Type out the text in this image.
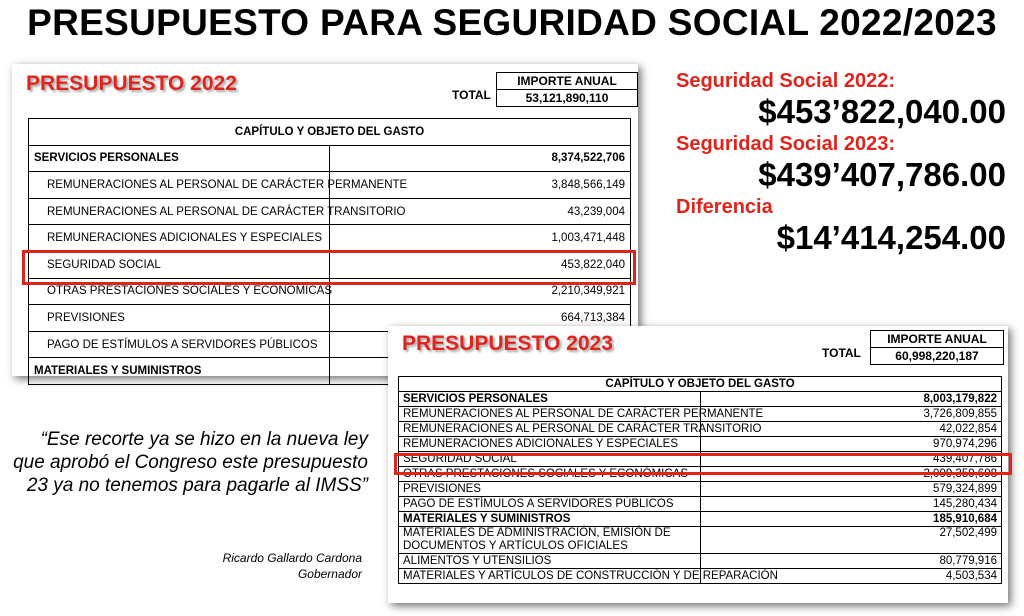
PRESUPUESTO PARA SEGURIDAD SOCIAL 2022/2023
PRESUPUESTO 2022	IMPORTE ANUAL
53,121,890,110
TOTAL
CAPÍTULO Y OBJETO DEL GASTO	
SERVICIOS PERSONALES	8,374,522,706
REMUNERACIONES AL PERSONAL DE CARÁCTER PERMANENTE	3,848,566,149
REMUNERACIONES AL PERSONAL DE CARÁCTER TRANSITORIO	43,239,004
REMUNERACIONES ADICIONALES Y ESPECIALES	1,003,471,448
SEGURIDAD SOCIAL	453,822,040
OTRAS PRESTACIONES SOCIALES Y ECONÓMICAS	2,210,349,921
PREVISIONES	664,713,384
PAGO DE ESTÍMULOS A SERVIDORES PÚBLICOS	
MATERIALES Y SUMINISTROS	
Seguridad Social 2022:
$453’822,040.00
Seguridad Social 2023:
$439’407,786.00
Diferencia
$14’414,254.00
“Ese recorte ya se hizo en la nueva ley que aprobó el Congreso este presupuesto 23 ya no tenemos para pagarle al IMSS”
Ricardo Gallardo Cardona
Gobernador
PRESUPUESTO 2023	IMPORTE ANUAL
60,998,220,187
TOTAL
CAPÍTULO Y OBJETO DEL GASTO	
SERVICIOS PERSONALES	8,003,179,822
REMUNERACIONES AL PERSONAL DE CARÁCTER PERMANENTE	3,726,809,855
REMUNERACIONES AL PERSONAL DE CARÁCTER TRANSITORIO	42,022,854
REMUNERACIONES ADICIONALES Y ESPECIALES	970,974,296
SEGURIDAD SOCIAL	439,407,786
OTRAS PRESTACIONES SOCIALES Y ECONÓMICAS	2,099,359,698
PREVISIONES	579,324,899
PAGO DE ESTÍMULOS A SERVIDORES PÚBLICOS	145,280,434
MATERIALES Y SUMINISTROS	185,910,684
MATERIALES DE ADMINISTRACIÓN, EMISIÓN DE DOCUMENTOS Y ARTÍCULOS OFICIALES	27,502,499
ALIMENTOS Y UTENSILIOS	80,779,916
MATERIALES Y ARTÍCULOS DE CONSTRUCCIÓN Y DE REPARACIÓN	4,503,534
